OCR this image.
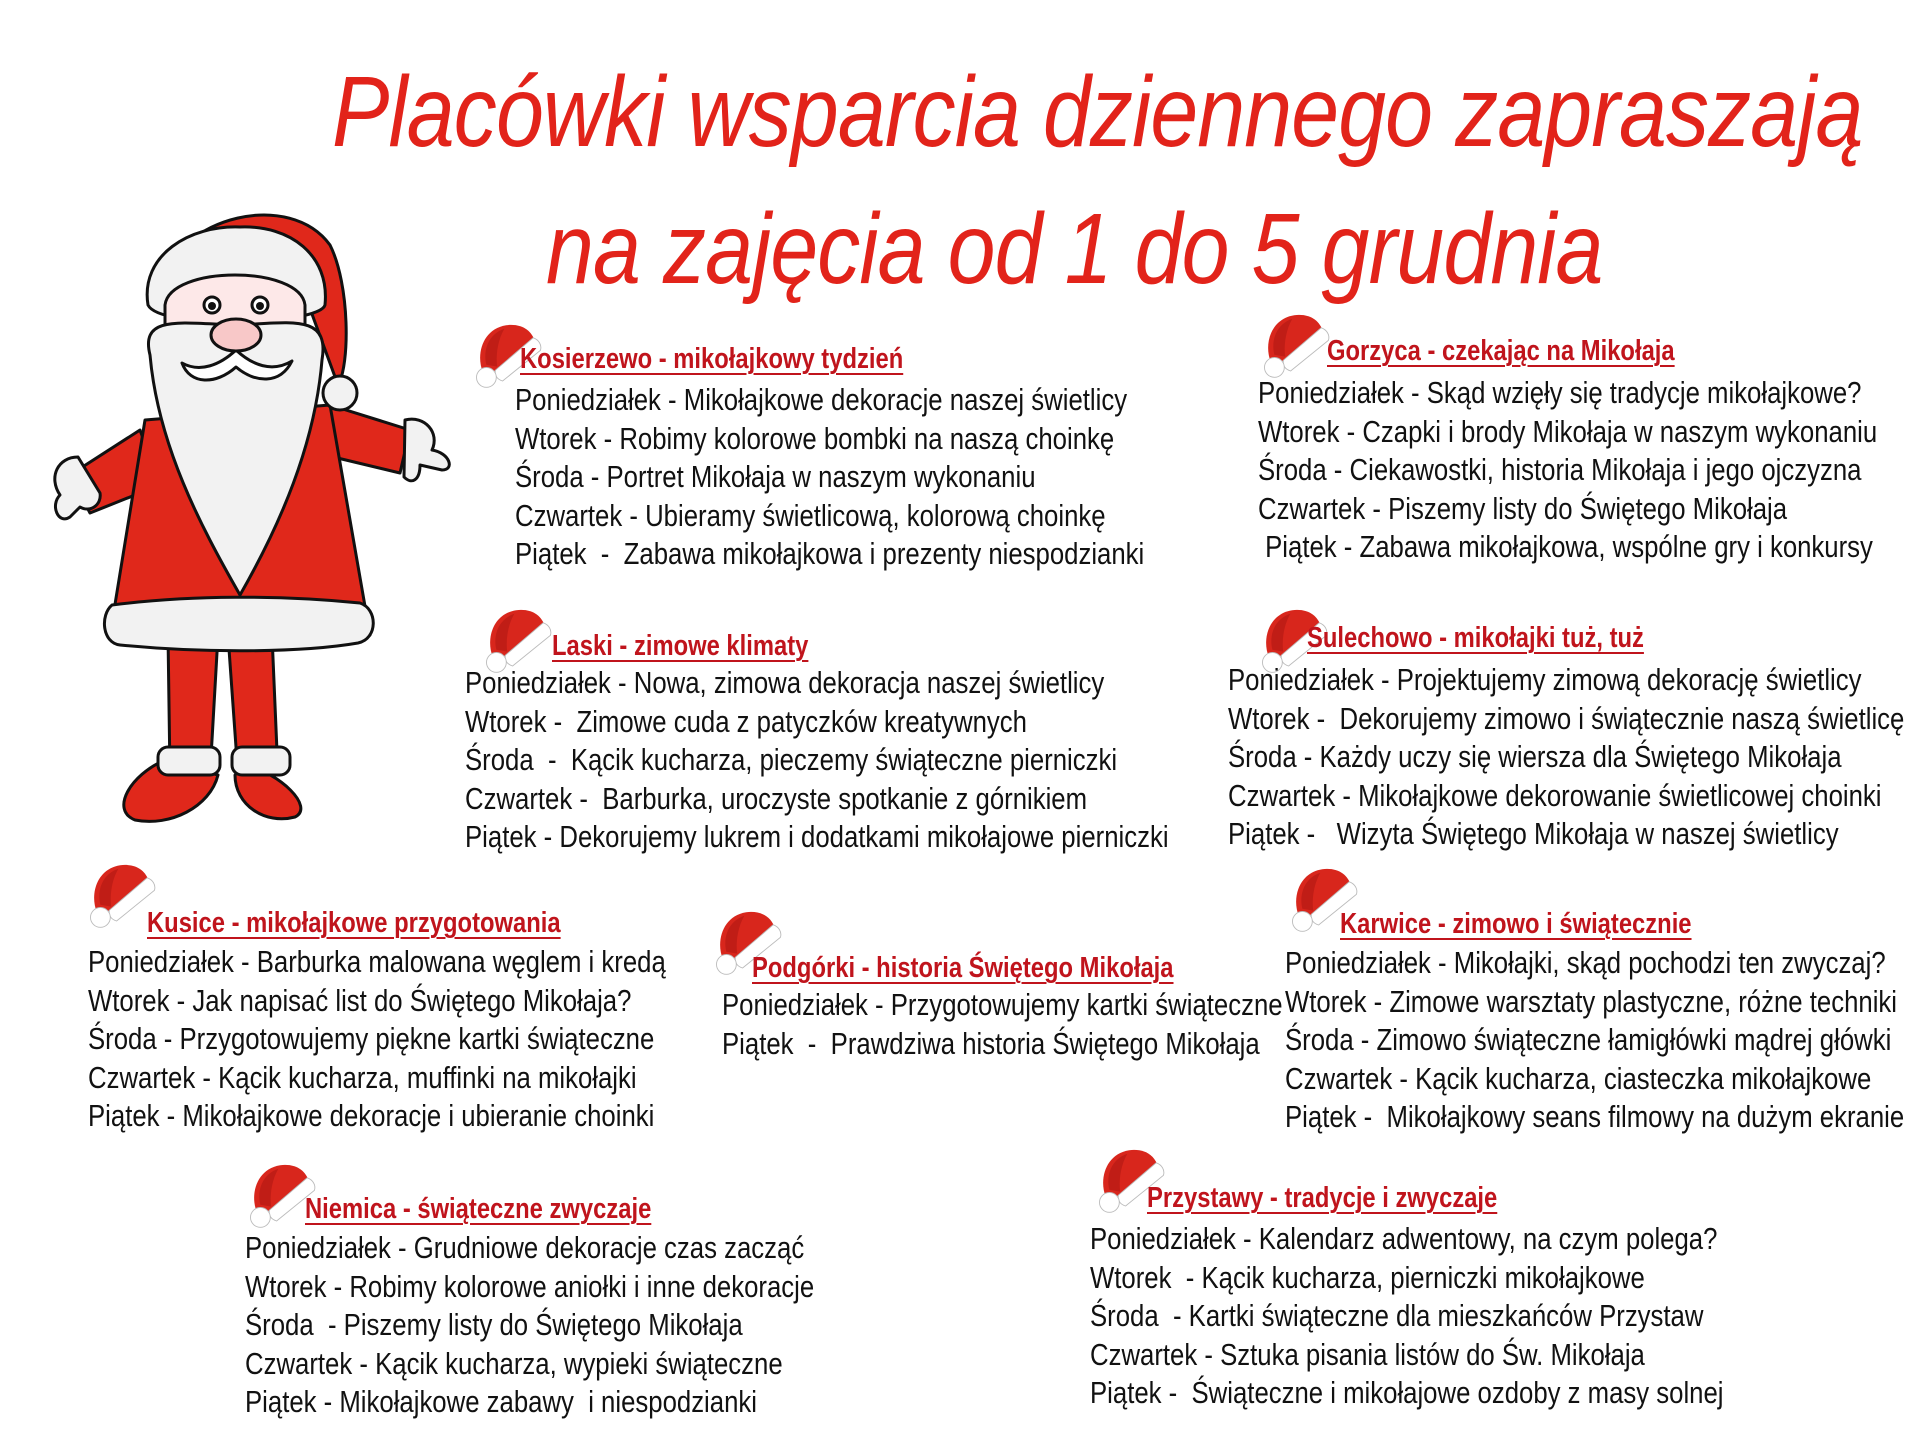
Placówki wsparcia dziennego zapraszają
na zajęcia od 1 do 5 grudnia
Kosierzewo - mikołajkowy tydzień
Poniedziałek - Mikołajkowe dekoracje naszej świetlicy
Wtorek - Robimy kolorowe bombki na naszą choinkę
Środa - Portret Mikołaja w naszym wykonaniu
Czwartek - Ubieramy świetlicową, kolorową choinkę
Piątek  -  Zabawa mikołajkowa i prezenty niespodzianki
Gorzyca - czekając na Mikołaja
Poniedziałek - Skąd wzięły się tradycje mikołajkowe?
Wtorek - Czapki i brody Mikołaja w naszym wykonaniu
Środa - Ciekawostki, historia Mikołaja i jego ojczyzna
Czwartek - Piszemy listy do Świętego Mikołaja
Piątek - Zabawa mikołajkowa, wspólne gry i konkursy
Laski - zimowe klimaty
Poniedziałek - Nowa, zimowa dekoracja naszej świetlicy
Wtorek -  Zimowe cuda z patyczków kreatywnych
Środa  -  Kącik kucharza, pieczemy świąteczne pierniczki
Czwartek -  Barburka, uroczyste spotkanie z górnikiem
Piątek - Dekorujemy lukrem i dodatkami mikołajowe pierniczki
Sulechowo - mikołajki tuż, tuż
Poniedziałek - Projektujemy zimową dekorację świetlicy
Wtorek -  Dekorujemy zimowo i świątecznie naszą świetlicę
Środa - Każdy uczy się wiersza dla Świętego Mikołaja
Czwartek - Mikołajkowe dekorowanie świetlicowej choinki
Piątek -   Wizyta Świętego Mikołaja w naszej świetlicy
Kusice - mikołajkowe przygotowania
Poniedziałek - Barburka malowana węglem i kredą
Wtorek - Jak napisać list do Świętego Mikołaja?
Środa - Przygotowujemy piękne kartki świąteczne
Czwartek - Kącik kucharza, muffinki na mikołajki
Piątek - Mikołajkowe dekoracje i ubieranie choinki
Podgórki - historia Świętego Mikołaja
Poniedziałek - Przygotowujemy kartki świąteczne
Piątek  -  Prawdziwa historia Świętego Mikołaja
Karwice - zimowo i świątecznie
Poniedziałek - Mikołajki, skąd pochodzi ten zwyczaj?
Wtorek - Zimowe warsztaty plastyczne, różne techniki
Środa - Zimowo świąteczne łamigłówki mądrej główki
Czwartek - Kącik kucharza, ciasteczka mikołajkowe
Piątek -  Mikołajkowy seans filmowy na dużym ekranie
Niemica - świąteczne zwyczaje
Poniedziałek - Grudniowe dekoracje czas zacząć
Wtorek - Robimy kolorowe aniołki i inne dekoracje
Środa  - Piszemy listy do Świętego Mikołaja
Czwartek - Kącik kucharza, wypieki świąteczne
Piątek - Mikołajkowe zabawy  i niespodzianki
Przystawy - tradycje i zwyczaje
Poniedziałek - Kalendarz adwentowy, na czym polega?
Wtorek  - Kącik kucharza, pierniczki mikołajkowe
Środa  - Kartki świąteczne dla mieszkańców Przystaw
Czwartek - Sztuka pisania listów do Św. Mikołaja
Piątek -  Świąteczne i mikołajowe ozdoby z masy solnej
